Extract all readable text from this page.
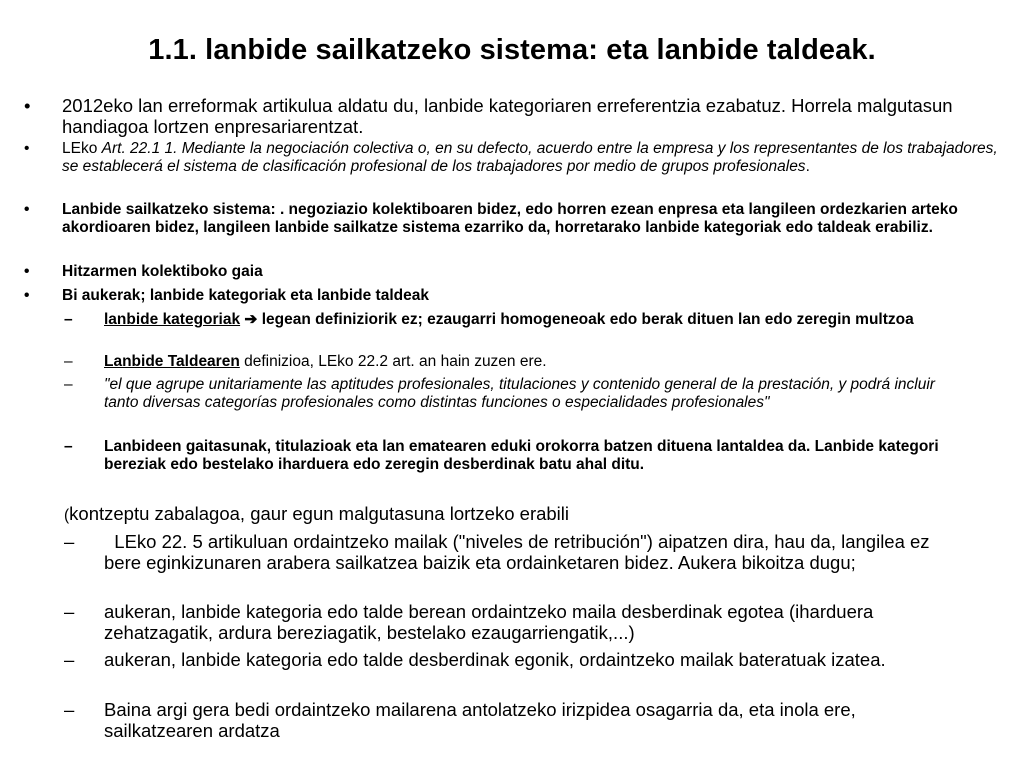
1.1. lanbide sailkatzeko sistema: eta lanbide taldeak.
• 2012eko lan erreformak artikulua aldatu du, lanbide kategoriaren erreferentzia ezabatuz. Horrela malgutasun handiagoa lortzen enpresariarentzat.
• LEko Art. 22.1 1. Mediante la negociación colectiva o, en su defecto, acuerdo entre la empresa y los representantes de los trabajadores, se establecerá el sistema de clasificación profesional de los trabajadores por medio de grupos profesionales.
• Lanbide sailkatzeko sistema: . negoziazio kolektiboaren bidez, edo horren ezean enpresa eta langileen ordezkarien arteko akordioaren bidez, langileen lanbide sailkatze sistema ezarriko da, horretarako lanbide kategoriak edo taldeak erabiliz.
• Hitzarmen kolektiboko gaia
• Bi aukerak; lanbide kategoriak eta lanbide taldeak
– lanbide kategoriak ➔ legean definiziorik ez; ezaugarri homogeneoak edo berak dituen lan edo zeregin multzoa
– Lanbide Taldearen definizioa, LEko 22.2 art. an hain zuzen ere.
– "el que agrupe unitariamente las aptitudes profesionales, titulaciones y contenido general de la prestación, y podrá incluir tanto diversas categorías profesionales como distintas funciones o especialidades profesionales"
– Lanbideen gaitasunak, titulazioak eta lan ematearen eduki orokorra batzen dituena lantaldea da. Lanbide kategori bereziak edo bestelako iharduera edo zeregin desberdinak batu ahal ditu.
(kontzeptu zabalagoa, gaur egun malgutasuna lortzeko erabili
– LEko 22. 5 artikuluan ordaintzeko mailak ("niveles de retribución") aipatzen dira, hau da, langilea ez bere eginkizunaren arabera sailkatzea baizik eta ordainketaren bidez. Aukera bikoitza dugu;
– aukeran, lanbide kategoria edo talde berean ordaintzeko maila desberdinak egotea (iharduera zehatzagatik, ardura bereziagatik, bestelako ezaugarriengatik,...)
– aukeran, lanbide kategoria edo talde desberdinak egonik, ordaintzeko mailak bateratuak izatea.
– Baina argi gera bedi ordaintzeko mailarena antolatzeko irizpidea osagarria da, eta inola ere, sailkatzearen ardatza
